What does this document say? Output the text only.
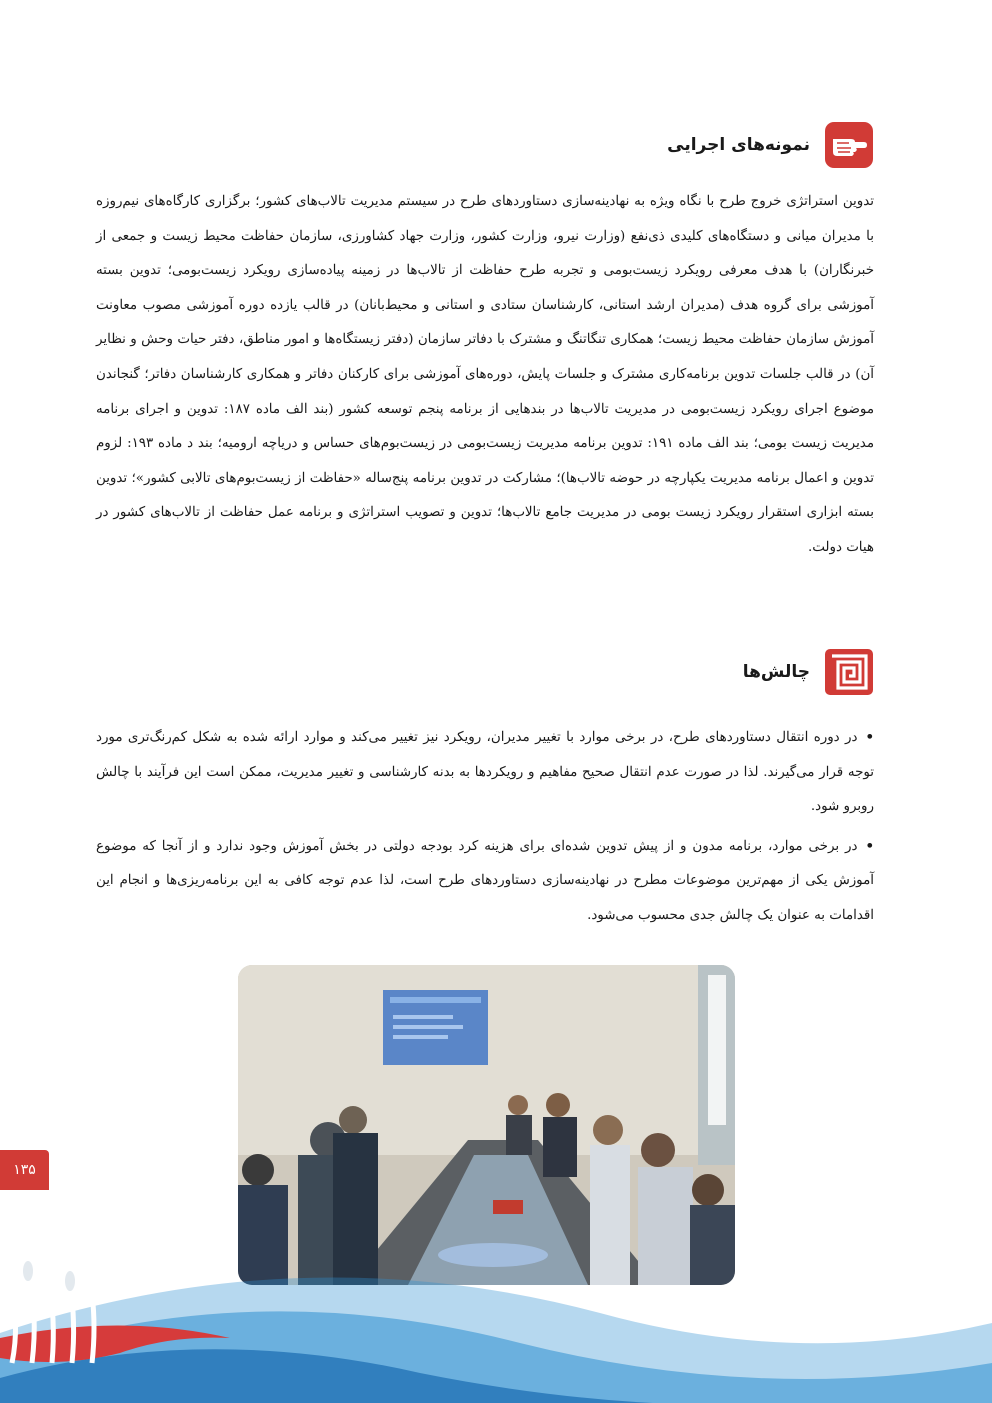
نمونه‌های اجرایی

تدوین استراتژی خروج طرح با نگاه ویژه به نهادینه‌سازی دستاوردهای طرح در سیستم مدیریت تالاب‌های کشور؛ برگزاری کارگاه‌های نیم‌روزه با مدیران میانی و دستگاه‌های کلیدی ذی‌نفع (وزارت نیرو، وزارت کشور، وزارت جهاد کشاورزی، سازمان حفاظت محیط زیست و جمعی از خبرنگاران) با هدف معرفی رویکرد زیست‌بومی و تجربه طرح حفاظت از تالاب‌ها در زمینه پیاده‌سازی رویکرد زیست‌بومی؛ تدوین بسته آموزشی برای گروه هدف (مدیران ارشد استانی، کارشناسان ستادی و استانی و محیط‌بانان) در قالب یازده دوره آموزشی مصوب معاونت آموزش سازمان حفاظت محیط زیست؛ همکاری تنگاتنگ و مشترک با دفاتر سازمان (دفتر زیستگاه‌ها و امور مناطق، دفتر حیات وحش و نظایر آن) در قالب جلسات تدوین برنامه‌کاری مشترک و جلسات پایش، دوره‌های آموزشی برای کارکنان دفاتر و همکاری کارشناسان دفاتر؛ گنجاندن موضوع اجرای رویکرد زیست‌بومی در مدیریت تالاب‌ها در بندهایی از برنامه پنجم توسعه کشور (بند الف ماده ۱۸۷: تدوین و اجرای برنامه مدیریت زیست بومی؛ بند الف ماده ۱۹۱: تدوین برنامه مدیریت زیست‌بومی در زیست‌بوم‌های حساس و دریاچه ارومیه؛ بند د ماده ۱۹۳: لزوم تدوین و اعمال برنامه مدیریت یکپارچه در حوضه تالاب‌ها)؛ مشارکت در تدوین برنامه پنج‌ساله «حفاظت از زیست‌بوم‌های تالابی کشور»؛ تدوین بسته ابزاری استقرار رویکرد زیست بومی در مدیریت جامع تالاب‌ها؛ تدوین و تصویب استراتژی و برنامه عمل حفاظت از تالاب‌های کشور در هیات دولت.

چالش‌ها

•در دوره انتقال دستاوردهای طرح، در برخی موارد با تغییر مدیران، رویکرد نیز تغییر می‌کند و موارد ارائه شده به شکل کم‌رنگ‌تری مورد توجه قرار می‌گیرند. لذا در صورت عدم انتقال صحیح مفاهیم و رویکردها به بدنه کارشناسی و تغییر مدیریت، ممکن است این فرآیند با چالش روبرو شود.

•در برخی موارد، برنامه مدون و از پیش تدوین شده‌ای برای هزینه کرد بودجه دولتی در بخش آموزش وجود ندارد و از آنجا که موضوع آموزش یکی از مهم‌ترین موضوعات مطرح در نهادینه‌سازی دستاوردهای طرح است، لذا عدم توجه کافی به این برنامه‌ریزی‌ها و انجام این اقدامات به عنوان یک چالش جدی محسوب می‌شود.

۱۳۵
